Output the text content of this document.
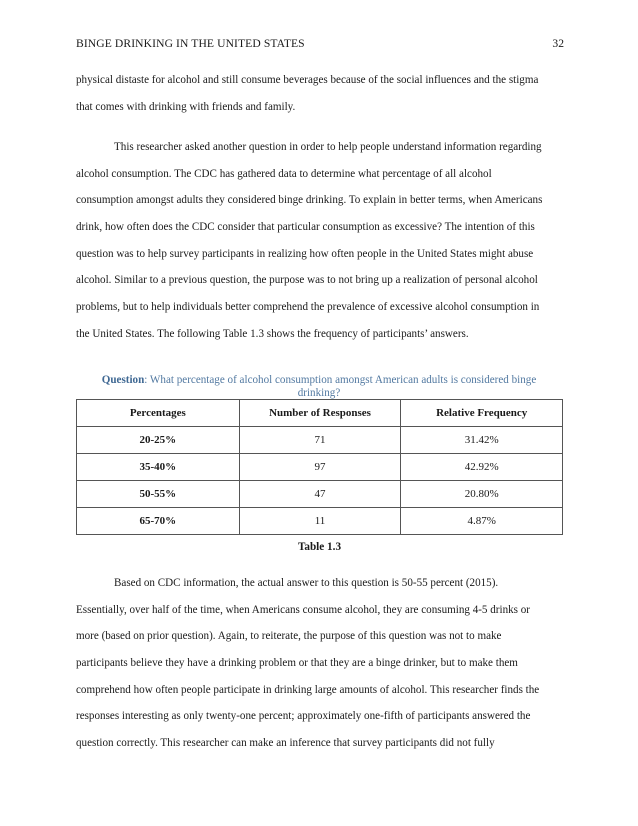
BINGE DRINKING IN THE UNITED STATES	32
physical distaste for alcohol and still consume beverages because of the social influences and the stigma
that comes with drinking with friends and family.
This researcher asked another question in order to help people understand information regarding
alcohol consumption. The CDC has gathered data to determine what percentage of all alcohol
consumption amongst adults they considered binge drinking. To explain in better terms, when Americans
drink, how often does the CDC consider that particular consumption as excessive? The intention of this
question was to help survey participants in realizing how often people in the United States might abuse
alcohol. Similar to a previous question, the purpose was to not bring up a realization of personal alcohol
problems, but to help individuals better comprehend the prevalence of excessive alcohol consumption in
the United States. The following Table 1.3 shows the frequency of participants’ answers.
Question: What percentage of alcohol consumption amongst American adults is considered binge drinking?
Percentages	Number of Responses	Relative Frequency
20-25%	71	31.42%
35-40%	97	42.92%
50-55%	47	20.80%
65-70%	11	4.87%
Table 1.3
Based on CDC information, the actual answer to this question is 50-55 percent (2015).
Essentially, over half of the time, when Americans consume alcohol, they are consuming 4-5 drinks or
more (based on prior question). Again, to reiterate, the purpose of this question was not to make
participants believe they have a drinking problem or that they are a binge drinker, but to make them
comprehend how often people participate in drinking large amounts of alcohol. This researcher finds the
responses interesting as only twenty-one percent; approximately one-fifth of participants answered the
question correctly. This researcher can make an inference that survey participants did not fully
